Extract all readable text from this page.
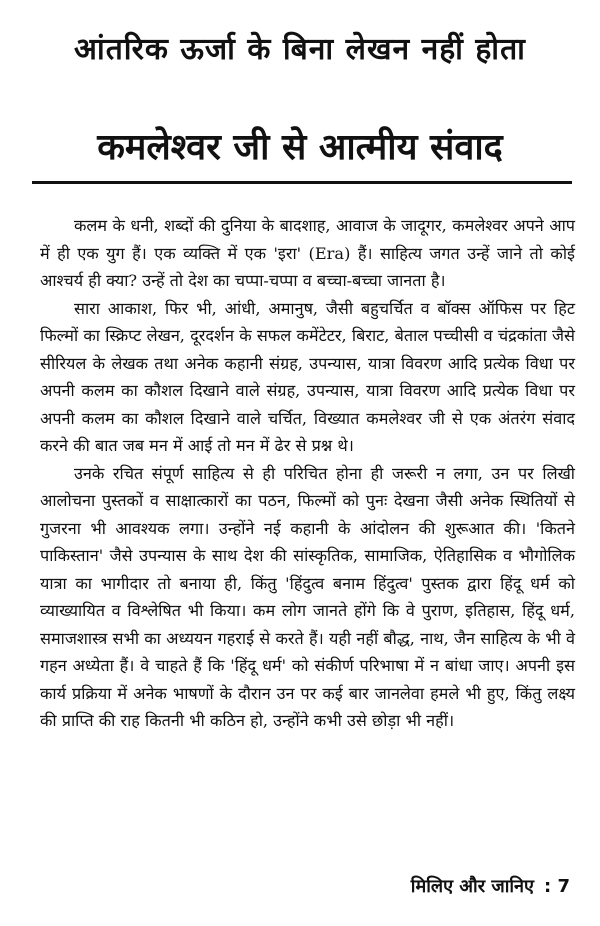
आंतरिक ऊर्जा के बिना लेखन नहीं होता
कमलेश्वर जी से आत्मीय संवाद

कलम के धनी, शब्दों की दुनिया के बादशाह, आवाज के जादूगर, कमलेश्वर अपने आप में ही एक युग हैं। एक व्यक्ति में एक 'इरा' (Era) हैं। साहित्य जगत उन्हें जाने तो कोई आश्चर्य ही क्या? उन्हें तो देश का चप्पा-चप्पा व बच्चा-बच्चा जानता है।

सारा आकाश, फिर भी, आंधी, अमानुष, जैसी बहुचर्चित व बॉक्स ऑफिस पर हिट फिल्मों का स्क्रिप्ट लेखन, दूरदर्शन के सफल कमेंटेटर, बिराट, बेताल पच्चीसी व चंद्रकांता जैसे सीरियल के लेखक तथा अनेक कहानी संग्रह, उपन्यास, यात्रा विवरण आदि प्रत्येक विधा पर अपनी कलम का कौशल दिखाने वाले संग्रह, उपन्यास, यात्रा विवरण आदि प्रत्येक विधा पर अपनी कलम का कौशल दिखाने वाले चर्चित, विख्यात कमलेश्वर जी से एक अंतरंग संवाद करने की बात जब मन में आई तो मन में ढेर से प्रश्न थे।

उनके रचित संपूर्ण साहित्य से ही परिचित होना ही जरूरी न लगा, उन पर लिखी आलोचना पुस्तकों व साक्षात्कारों का पठन, फिल्मों को पुनः देखना जैसी अनेक स्थितियों से गुजरना भी आवश्यक लगा। उन्होंने नई कहानी के आंदोलन की शुरूआत की। 'कितने पाकिस्तान' जैसे उपन्यास के साथ देश की सांस्कृतिक, सामाजिक, ऐतिहासिक व भौगोलिक यात्रा का भागीदार तो बनाया ही, किंतु 'हिंदुत्व बनाम हिंदुत्व' पुस्तक द्वारा हिंदू धर्म को व्याख्यायित व विश्लेषित भी किया। कम लोग जानते होंगे कि वे पुराण, इतिहास, हिंदू धर्म, समाजशास्त्र सभी का अध्ययन गहराई से करते हैं। यही नहीं बौद्ध, नाथ, जैन साहित्य के भी वे गहन अध्येता हैं। वे चाहते हैं कि 'हिंदू धर्म' को संकीर्ण परिभाषा में न बांधा जाए। अपनी इस कार्य प्रक्रिया में अनेक भाषणों के दौरान उन पर कई बार जानलेवा हमले भी हुए, किंतु लक्ष्य की प्राप्ति की राह कितनी भी कठिन हो, उन्होंने कभी उसे छोड़ा भी नहीं।

मिलिए और जानिए : 7
